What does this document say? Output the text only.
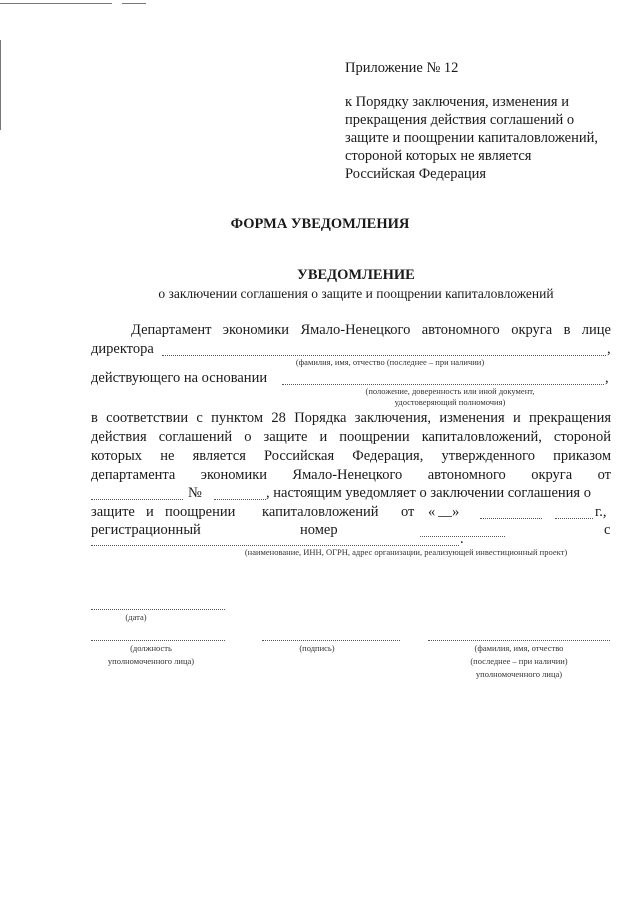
Приложение № 12
к Порядку заключения, изменения и
прекращения действия соглашений о
защите и поощрении капиталовложений,
стороной которых не является
Российская Федерация
ФОРМА УВЕДОМЛЕНИЯ
УВЕДОМЛЕНИЕ
о заключении соглашения о защите и поощрении капиталовложений
Департамент экономики Ямало-Ненецкого автономного округа в лице
директора	,
(фамилия, имя, отчество (последнее – при наличии)
действующего на основании	,
(положение, доверенность или иной документ,
удостоверяющий полномочия)
в соответствии с пунктом 28 Порядка заключения, изменения и прекращения
действия соглашений о защите и поощрении капиталовложений, стороной
которых не является Российская Федерация, утвержденного приказом
департамента экономики Ямало-Ненецкого автономного округа от
№	, настоящим уведомляет о заключении соглашения о
защите и поощрении капиталовложений от « »	г.,
регистрационный	номер	с
.
(наименование, ИНН, ОГРН, адрес организации, реализующей инвестиционный проект)
(дата)
(должность
уполномоченного лица)
(подпись)	(фамилия, имя, отчество
(последнее – при наличии)
уполномоченного лица)
